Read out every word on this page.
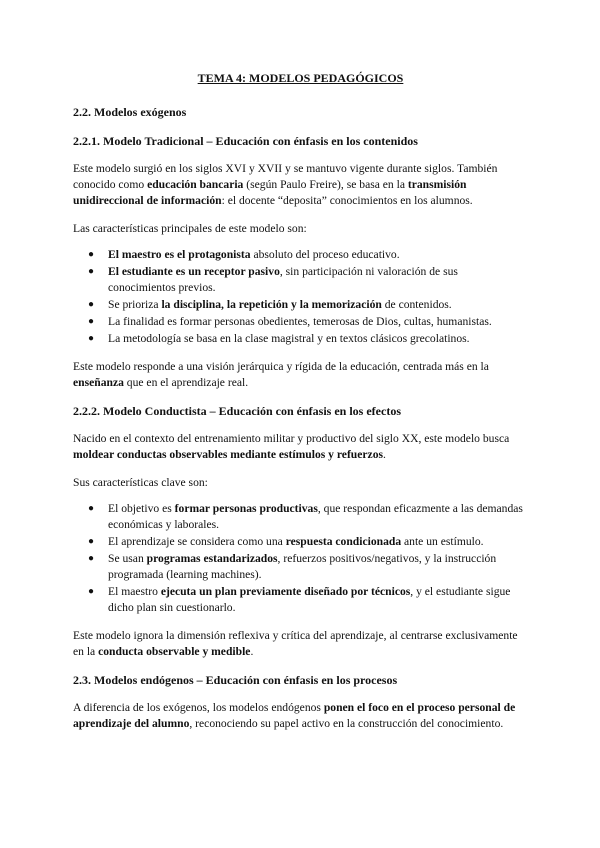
TEMA 4: MODELOS PEDAGÓGICOS
2.2. Modelos exógenos
2.2.1. Modelo Tradicional – Educación con énfasis en los contenidos

Este modelo surgió en los siglos XVI y XVII y se mantuvo vigente durante siglos. También conocido como educación bancaria (según Paulo Freire), se basa en la transmisión unidireccional de información: el docente “deposita” conocimientos en los alumnos.

Las características principales de este modelo son:

● El maestro es el protagonista absoluto del proceso educativo.
● El estudiante es un receptor pasivo, sin participación ni valoración de sus conocimientos previos.
● Se prioriza la disciplina, la repetición y la memorización de contenidos.
● La finalidad es formar personas obedientes, temerosas de Dios, cultas, humanistas.
● La metodología se basa en la clase magistral y en textos clásicos grecolatinos.

Este modelo responde a una visión jerárquica y rígida de la educación, centrada más en la enseñanza que en el aprendizaje real.

2.2.2. Modelo Conductista – Educación con énfasis en los efectos

Nacido en el contexto del entrenamiento militar y productivo del siglo XX, este modelo busca moldear conductas observables mediante estímulos y refuerzos.

Sus características clave son:

● El objetivo es formar personas productivas, que respondan eficazmente a las demandas económicas y laborales.
● El aprendizaje se considera como una respuesta condicionada ante un estímulo.
● Se usan programas estandarizados, refuerzos positivos/negativos, y la instrucción programada (learning machines).
● El maestro ejecuta un plan previamente diseñado por técnicos, y el estudiante sigue dicho plan sin cuestionarlo.

Este modelo ignora la dimensión reflexiva y crítica del aprendizaje, al centrarse exclusivamente en la conducta observable y medible.

2.3. Modelos endógenos – Educación con énfasis en los procesos

A diferencia de los exógenos, los modelos endógenos ponen el foco en el proceso personal de aprendizaje del alumno, reconociendo su papel activo en la construcción del conocimiento.
